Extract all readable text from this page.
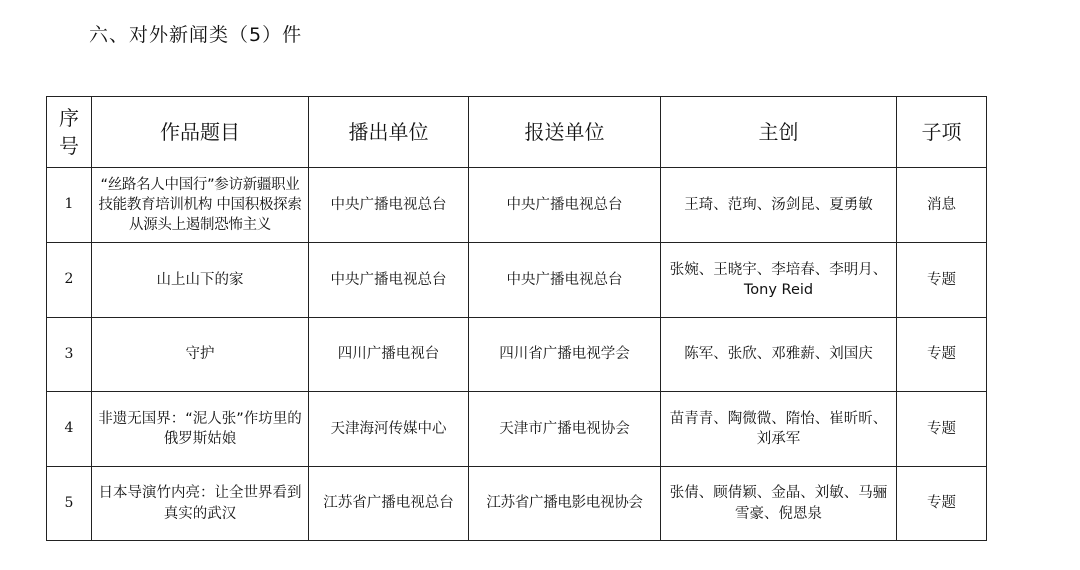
六、对外新闻类（5）件
序号	作品题目	播出单位	报送单位	主创	子项
1	“丝路名人中国行”参访新疆职业技能教育培训机构 中国积极探索从源头上遏制恐怖主义	中央广播电视总台	中央广播电视总台	王琦、范珣、汤剑昆、夏勇敏	消息
2	山上山下的家	中央广播电视总台	中央广播电视总台	张婉、王晓宇、李培春、李明月、Tony Reid	专题
3	守护	四川广播电视台	四川省广播电视学会	陈军、张欣、邓雅薪、刘国庆	专题
4	非遗无国界：“泥人张”作坊里的俄罗斯姑娘	天津海河传媒中心	天津市广播电视协会	苗青青、陶微微、隋怡、崔昕昕、刘承军	专题
5	日本导演竹内亮：让全世界看到真实的武汉	江苏省广播电视总台	江苏省广播电影电视协会	张倩、顾倩颖、金晶、刘敏、马骊雪豪、倪恩泉	专题
